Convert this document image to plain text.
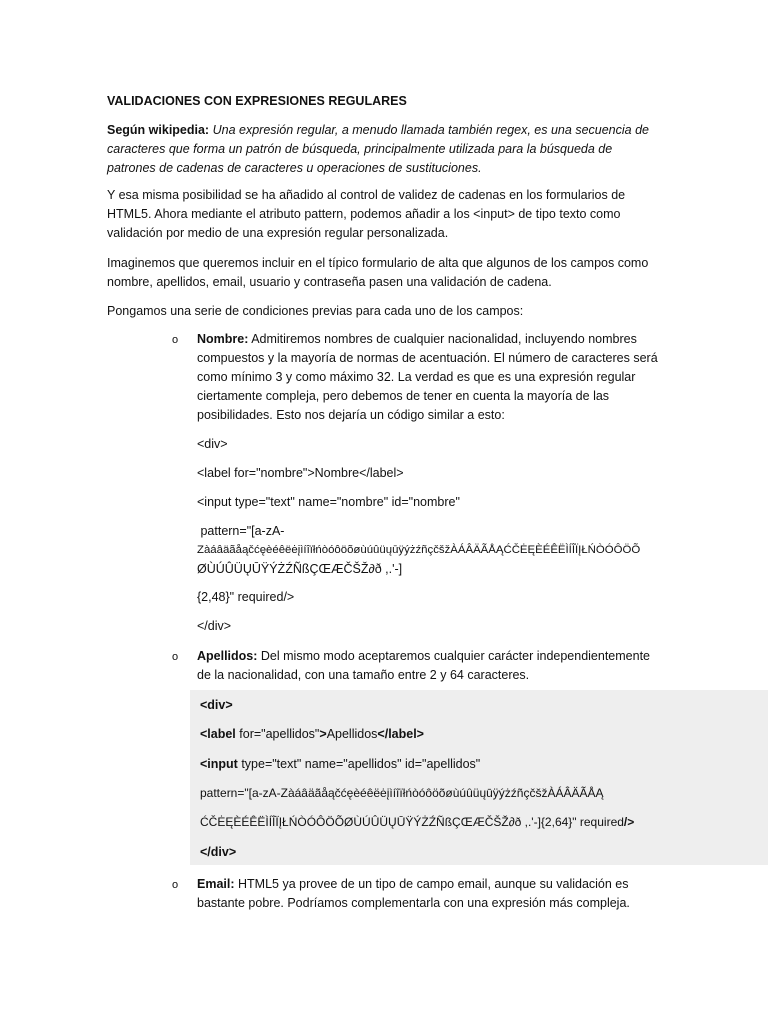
VALIDACIONES CON EXPRESIONES REGULARES
Según wikipedia: Una expresión regular, a menudo llamada también regex, es una secuencia de caracteres que forma un patrón de búsqueda, principalmente utilizada para la búsqueda de patrones de cadenas de caracteres u operaciones de sustituciones.
Y esa misma posibilidad se ha añadido al control de validez de cadenas en los formularios de HTML5. Ahora mediante el atributo pattern, podemos añadir a los <input> de tipo texto como validación por medio de una expresión regular personalizada.
Imaginemos que queremos incluir en el típico formulario de alta que algunos de los campos como nombre, apellidos, email, usuario y contraseña pasen una validación de cadena.
Pongamos una serie de condiciones previas para cada uno de los campos:
o Nombre: Admitiremos nombres de cualquier nacionalidad, incluyendo nombres compuestos y la mayoría de normas de acentuación. El número de caracteres será como mínimo 3 y como máximo 32. La verdad es que es una expresión regular ciertamente compleja, pero debemos de tener en cuenta la mayoría de las posibilidades. Esto nos dejaría un código similar a esto:
<div>
<label for="nombre">Nombre</label>
<input type="text" name="nombre" id="nombre"
pattern="[a-zA-
ZàáâäãåąčćęèéêëėįìíîïłńòóôöõøùúûüųūÿýżźñçčšžÀÁÂÄÃÅĄĆČĖĘÈÉÊËÌÍÎÏĮŁŃÒÓÔÖÕ
ØÙÚÛÜŲŪŸÝŻŹÑßÇŒÆČŠŽ∂ð ,.'-]
{2,48}" required/>
</div>
o Apellidos: Del mismo modo aceptaremos cualquier carácter independientemente de la nacionalidad, con una tamaño entre 2 y 64 caracteres.
<div>
<label for="apellidos">Apellidos</label>
<input type="text" name="apellidos" id="apellidos"
pattern="[a-zA-ZàáâäãåąčćęèéêëėįìíîïłńòóôöõøùúûüųūÿýżźñçčšžÀÁÂÄÃÅĄ
ĆČĖĘÈÉÊËÌÍÎÏĮŁŃÒÓÔÖÕØÙÚÛÜŲŪŸÝŻŹÑßÇŒÆČŠŽ∂ð ,.'-]{2,64}" required/>
</div>
o Email: HTML5 ya provee de un tipo de campo email, aunque su validación es bastante pobre. Podríamos complementarla con una expresión más compleja.
